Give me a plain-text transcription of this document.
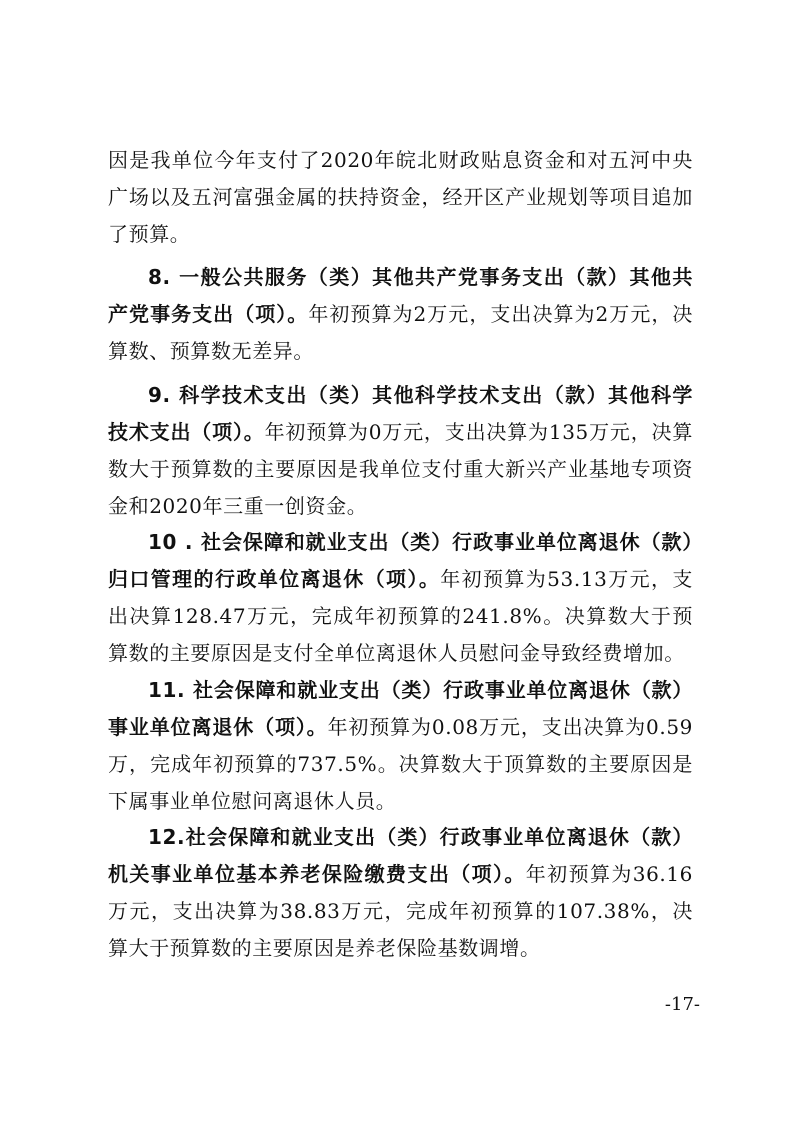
因是我单位今年支付了2020年皖北财政贴息资金和对五河中央广场以及五河富强金属的扶持资金，经开区产业规划等项目追加了预算。

8. 一般公共服务（类）其他共产党事务支出（款）其他共产党事务支出（项）。年初预算为2万元，支出决算为2万元，决算数、预算数无差异。

9. 科学技术支出（类）其他科学技术支出（款）其他科学技术支出（项）。年初预算为0万元，支出决算为135万元，决算数大于预算数的主要原因是我单位支付重大新兴产业基地专项资金和2020年三重一创资金。

10 . 社会保障和就业支出（类）行政事业单位离退休（款）归口管理的行政单位离退休（项）。年初预算为53.13万元，支出决算128.47万元，完成年初预算的241.8%。决算数大于预算数的主要原因是支付全单位离退休人员慰问金导致经费增加。

11. 社会保障和就业支出（类）行政事业单位离退休（款）事业单位离退休（项）。年初预算为0.08万元，支出决算为0.59万，完成年初预算的737.5%。决算数大于顶算数的主要原因是下属事业单位慰问离退休人员。

12.社会保障和就业支出（类）行政事业单位离退休（款）机关事业单位基本养老保险缴费支出（项）。年初预算为36.16万元，支出决算为38.83万元，完成年初预算的107.38%，决算大于预算数的主要原因是养老保险基数调增。

-17-
